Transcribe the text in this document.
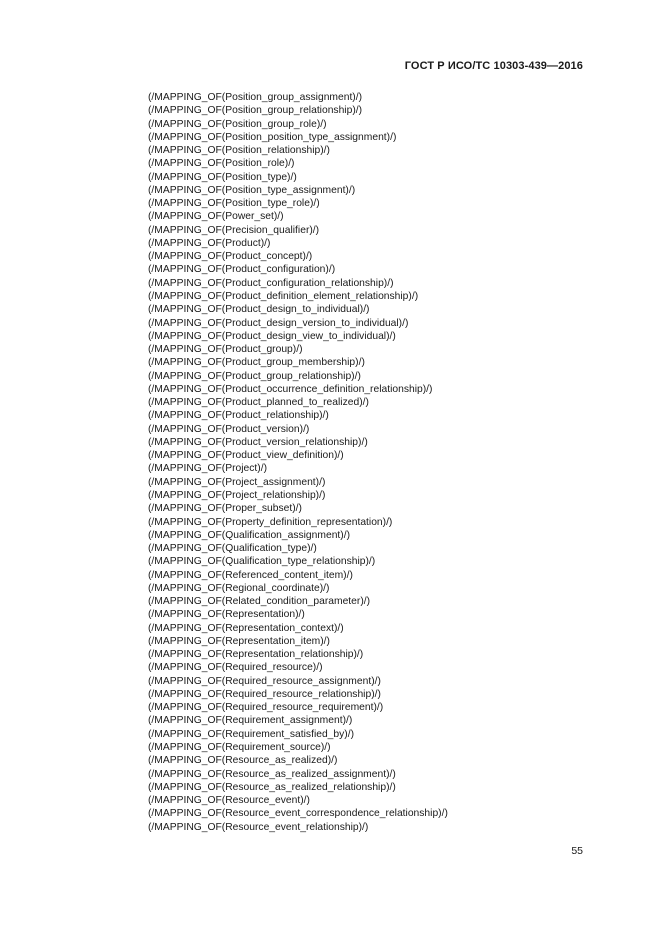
ГОСТ Р ИСО/ТС 10303-439—2016
(/MAPPING_OF(Position_group_assignment)/)
(/MAPPING_OF(Position_group_relationship)/)
(/MAPPING_OF(Position_group_role)/)
(/MAPPING_OF(Position_position_type_assignment)/)
(/MAPPING_OF(Position_relationship)/)
(/MAPPING_OF(Position_role)/)
(/MAPPING_OF(Position_type)/)
(/MAPPING_OF(Position_type_assignment)/)
(/MAPPING_OF(Position_type_role)/)
(/MAPPING_OF(Power_set)/)
(/MAPPING_OF(Precision_qualifier)/)
(/MAPPING_OF(Product)/)
(/MAPPING_OF(Product_concept)/)
(/MAPPING_OF(Product_configuration)/)
(/MAPPING_OF(Product_configuration_relationship)/)
(/MAPPING_OF(Product_definition_element_relationship)/)
(/MAPPING_OF(Product_design_to_individual)/)
(/MAPPING_OF(Product_design_version_to_individual)/)
(/MAPPING_OF(Product_design_view_to_individual)/)
(/MAPPING_OF(Product_group)/)
(/MAPPING_OF(Product_group_membership)/)
(/MAPPING_OF(Product_group_relationship)/)
(/MAPPING_OF(Product_occurrence_definition_relationship)/)
(/MAPPING_OF(Product_planned_to_realized)/)
(/MAPPING_OF(Product_relationship)/)
(/MAPPING_OF(Product_version)/)
(/MAPPING_OF(Product_version_relationship)/)
(/MAPPING_OF(Product_view_definition)/)
(/MAPPING_OF(Project)/)
(/MAPPING_OF(Project_assignment)/)
(/MAPPING_OF(Project_relationship)/)
(/MAPPING_OF(Proper_subset)/)
(/MAPPING_OF(Property_definition_representation)/)
(/MAPPING_OF(Qualification_assignment)/)
(/MAPPING_OF(Qualification_type)/)
(/MAPPING_OF(Qualification_type_relationship)/)
(/MAPPING_OF(Referenced_content_item)/)
(/MAPPING_OF(Regional_coordinate)/)
(/MAPPING_OF(Related_condition_parameter)/)
(/MAPPING_OF(Representation)/)
(/MAPPING_OF(Representation_context)/)
(/MAPPING_OF(Representation_item)/)
(/MAPPING_OF(Representation_relationship)/)
(/MAPPING_OF(Required_resource)/)
(/MAPPING_OF(Required_resource_assignment)/)
(/MAPPING_OF(Required_resource_relationship)/)
(/MAPPING_OF(Required_resource_requirement)/)
(/MAPPING_OF(Requirement_assignment)/)
(/MAPPING_OF(Requirement_satisfied_by)/)
(/MAPPING_OF(Requirement_source)/)
(/MAPPING_OF(Resource_as_realized)/)
(/MAPPING_OF(Resource_as_realized_assignment)/)
(/MAPPING_OF(Resource_as_realized_relationship)/)
(/MAPPING_OF(Resource_event)/)
(/MAPPING_OF(Resource_event_correspondence_relationship)/)
(/MAPPING_OF(Resource_event_relationship)/)
55
